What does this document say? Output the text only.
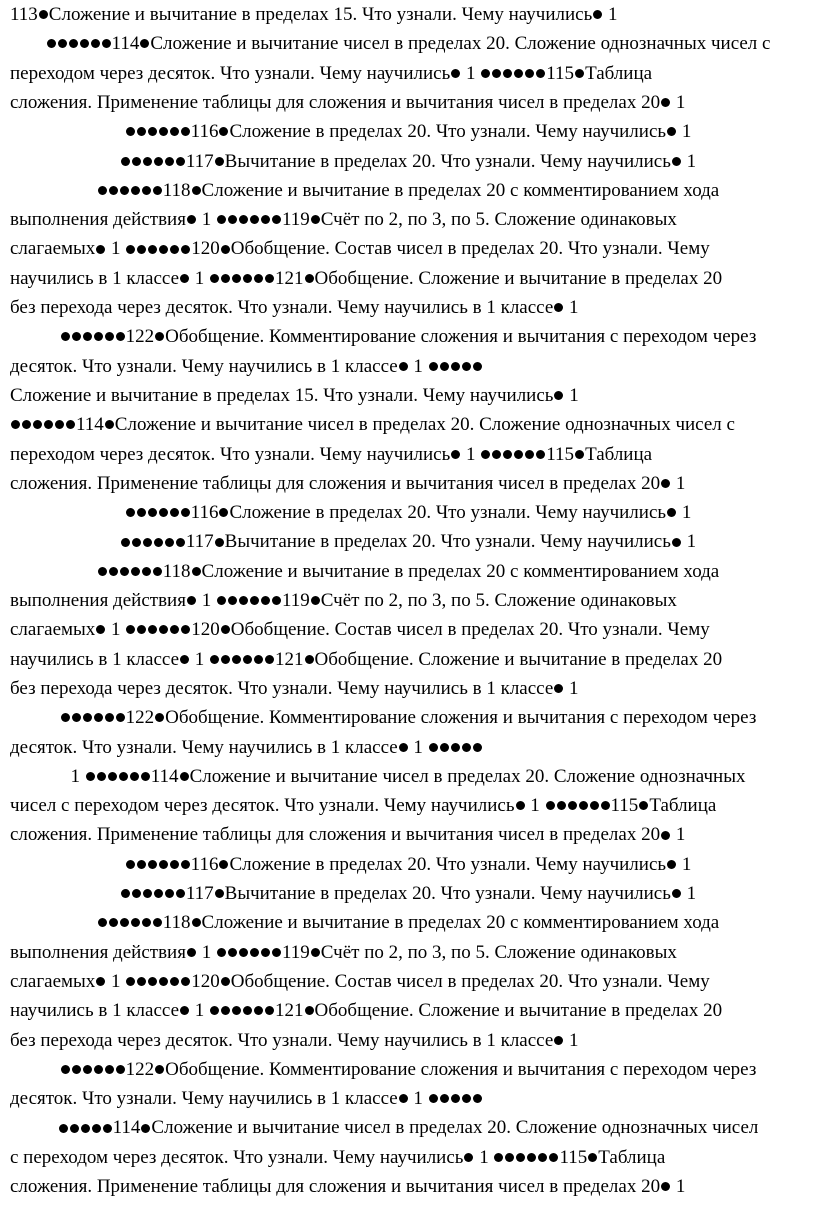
113 Сложение и вычитание в пределах 15. Что узнали. Чему научились 1

114 Сложение и вычитание чисел в пределах 20. Сложение однозначных чисел с

переходом через десяток. Что узнали. Чему научились 1	115 Таблица

сложения. Применение таблицы для сложения и вычитания чисел в пределах 20 1

116 Сложение в пределах 20. Что узнали. Чему научились 1

117 Вычитание в пределах 20. Что узнали. Чему научились 1

118 Сложение и вычитание в пределах 20 с комментированием хода

выполнения действия 1	119 Счёт по 2, по 3, по 5. Сложение одинаковых

слагаемых 1	120 Обобщение. Состав чисел в пределах 20. Что узнали. Чему

научились в 1 классе 1	121 Обобщение. Сложение и вычитание в пределах 20

без перехода через десяток. Что узнали. Чему научились в 1 классе 1

122 Обобщение. Комментирование сложения и вычитания с переходом через

десяток. Что узнали. Чему научились в 1 классе 1

Сложение и вычитание в пределах 15. Что узнали. Чему научились 1

114 Сложение и вычитание чисел в пределах 20. Сложение однозначных чисел с

переходом через десяток. Что узнали. Чему научились 1	115 Таблица

сложения. Применение таблицы для сложения и вычитания чисел в пределах 20 1

116 Сложение в пределах 20. Что узнали. Чему научились 1

117 Вычитание в пределах 20. Что узнали. Чему научились 1

118 Сложение и вычитание в пределах 20 с комментированием хода

выполнения действия 1	119 Счёт по 2, по 3, по 5. Сложение одинаковых

слагаемых 1	120 Обобщение. Состав чисел в пределах 20. Что узнали. Чему

научились в 1 классе 1	121 Обобщение. Сложение и вычитание в пределах 20

без перехода через десяток. Что узнали. Чему научились в 1 классе 1

122 Обобщение. Комментирование сложения и вычитания с переходом через

десяток. Что узнали. Чему научились в 1 классе 1

1	114 Сложение и вычитание чисел в пределах 20. Сложение однозначных

чисел с переходом через десяток. Что узнали. Чему научились 1	115 Таблица

сложения. Применение таблицы для сложения и вычитания чисел в пределах 20 1

116 Сложение в пределах 20. Что узнали. Чему научились 1

117 Вычитание в пределах 20. Что узнали. Чему научились 1

118 Сложение и вычитание в пределах 20 с комментированием хода

выполнения действия 1	119 Счёт по 2, по 3, по 5. Сложение одинаковых

слагаемых 1	120 Обобщение. Состав чисел в пределах 20. Что узнали. Чему

научились в 1 классе 1	121 Обобщение. Сложение и вычитание в пределах 20

без перехода через десяток. Что узнали. Чему научились в 1 классе 1

122 Обобщение. Комментирование сложения и вычитания с переходом через

десяток. Что узнали. Чему научились в 1 классе 1

114 Сложение и вычитание чисел в пределах 20. Сложение однозначных чисел

с переходом через десяток. Что узнали. Чему научились 1	115 Таблица

сложения. Применение таблицы для сложения и вычитания чисел в пределах 20 1
